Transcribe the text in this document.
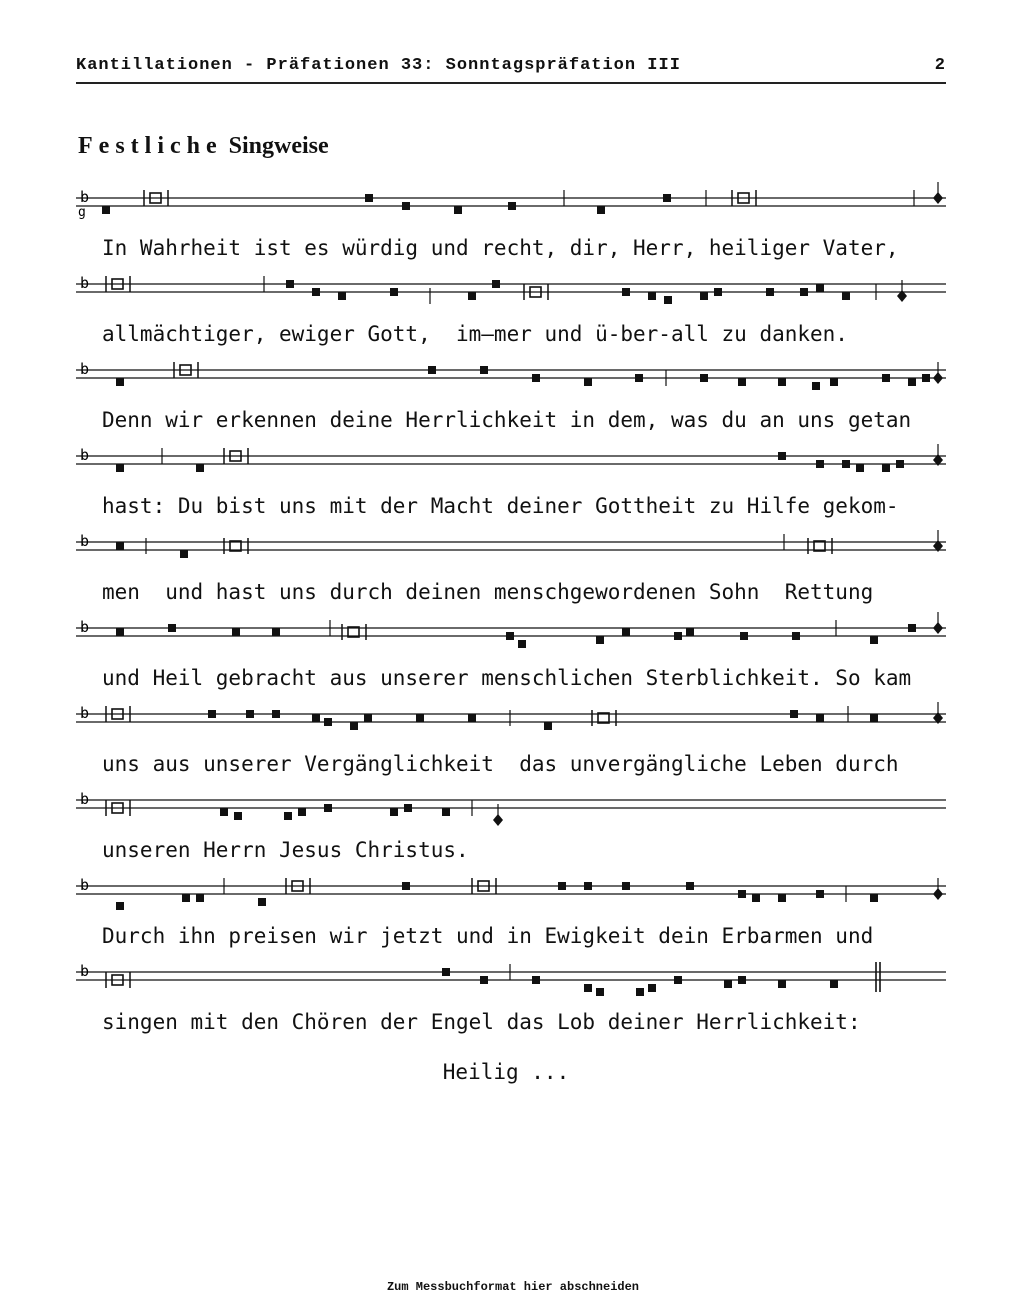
Kantillationen - Präfationen 33: Sonntagspräfation III	2
Festliche Singweise
b
g
In Wahrheit ist es würdig und recht, dir, Herr, heiliger Vater,
b
allmächtiger, ewiger Gott,  im—mer und ü-ber-all zu danken.
b
Denn wir erkennen deine Herrlichkeit in dem, was du an uns getan
b
hast: Du bist uns mit der Macht deiner Gottheit zu Hilfe gekom-
b
men  und hast uns durch deinen menschgewordenen Sohn  Rettung
b
und Heil gebracht aus unserer menschlichen Sterblichkeit. So kam
b
uns aus unserer Vergänglichkeit  das unvergängliche Leben durch
b
unseren Herrn Jesus Christus.
b
Durch ihn preisen wir jetzt und in Ewigkeit dein Erbarmen und
b
singen mit den Chören der Engel das Lob deiner Herrlichkeit:
Heilig ...
Zum Messbuchformat hier abschneiden
